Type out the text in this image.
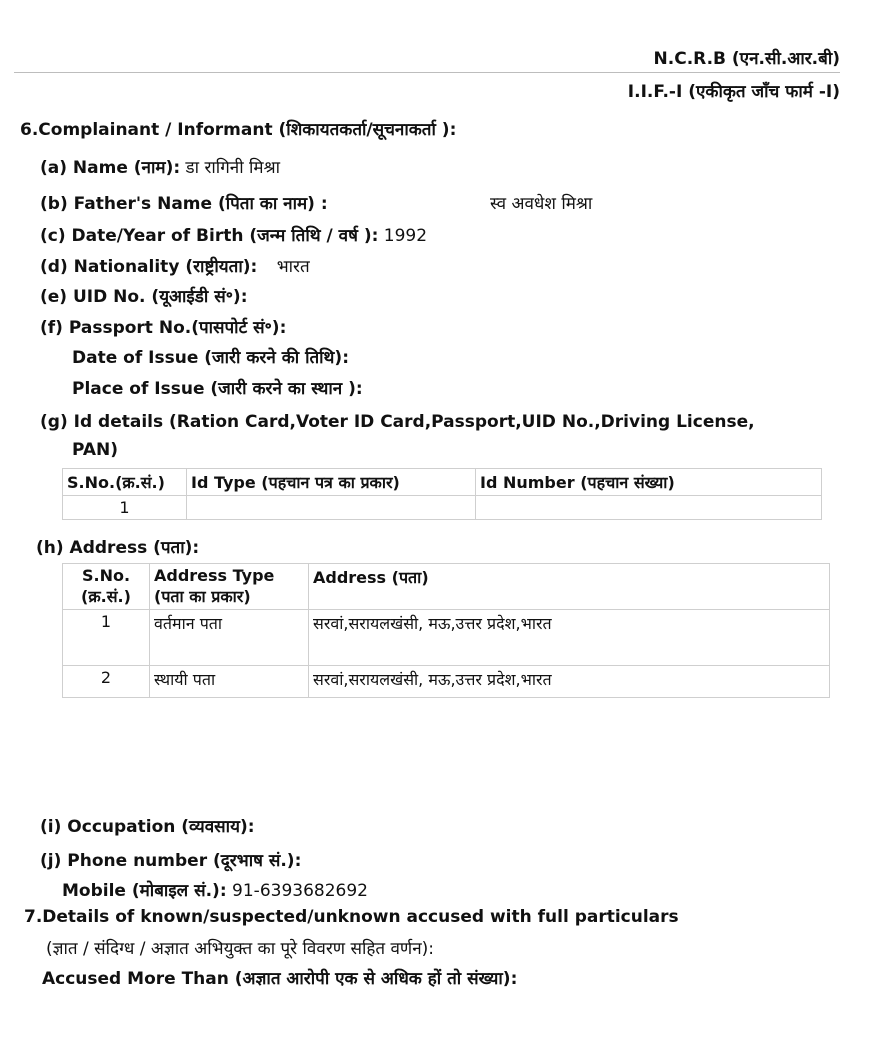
N.C.R.B (एन.सी.आर.बी)
I.I.F.-I (एकीकृत जाँच फार्म -I)
6.Complainant / Informant (शिकायतकर्ता/सूचनाकर्ता ):
(a) Name (नाम): डा रागिनी मिश्रा
(b) Father's Name (पिता का नाम) :	स्व अवधेश मिश्रा
(c) Date/Year of Birth (जन्म तिथि / वर्ष ): 1992
(d) Nationality (राष्ट्रीयता): भारत
(e) UID No. (यूआईडी सं॰):
(f) Passport No.(पासपोर्ट सं॰):
Date of Issue (जारी करने की तिथि):
Place of Issue (जारी करने का स्थान ):
(g) Id details (Ration Card,Voter ID Card,Passport,UID No.,Driving License,
PAN)
S.No.(क्र.सं.)	Id Type (पहचान पत्र का प्रकार)	Id Number (पहचान संख्या)
1		
(h) Address (पता):
S.No. (क्र.सं.)	Address Type (पता का प्रकार)	Address (पता)
1	वर्तमान पता	सरवां,सरायलखंसी, मऊ,उत्तर प्रदेश,भारत
2	स्थायी पता	सरवां,सरायलखंसी, मऊ,उत्तर प्रदेश,भारत
(i) Occupation (व्यवसाय):
(j) Phone number (दूरभाष सं.):
Mobile (मोबाइल सं.): 91-6393682692
7.Details of known/suspected/unknown accused with full particulars
(ज्ञात / संदिग्ध / अज्ञात अभियुक्त का पूरे विवरण सहित वर्णन):
Accused More Than (अज्ञात आरोपी एक से अधिक हों तो संख्या):
